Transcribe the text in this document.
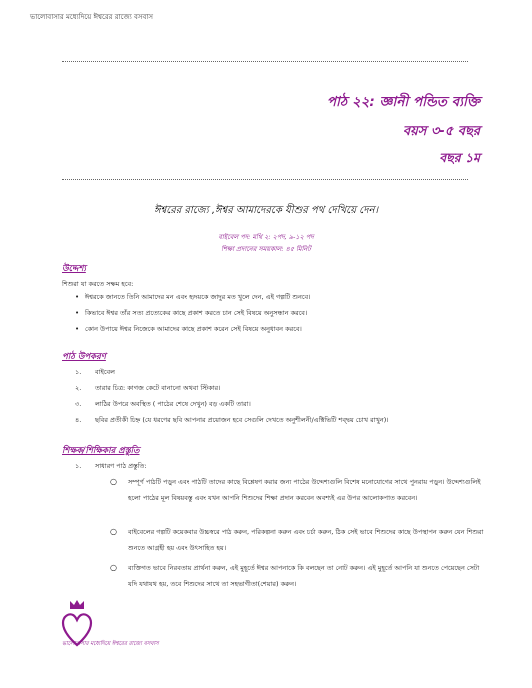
ভালোবাসার মধ্যেদিয়ে ঈশ্বরের রাজ্যে বসবাস
পাঠ ২২: জ্ঞানী পন্ডিত ব্যক্তি
বয়স ৩-৫ বছর
বছর ১ম
ঈশ্বরের রাজ্যে ,ঈশ্বর আমাদেরকে যীশুর পথ দেখিয়ে দেন।
বাইবেল পদ: মথি ২: ২পদ, ৯-১২ পদ
শিক্ষা প্রদানের সময়কাল: ৪৫ মিনিট
উদ্দেশ্য
শিশুরা যা করতে সক্ষম হবে:
• ঈশ্বরকে জানতে তিনি আমাদের মন এবং হৃদয়কে জাদুর মত খুলে দেন, এই গল্পটি শুনবে।
• কিভাবে ঈশ্বর তাঁর সত্য প্রত্যেকের কাছে প্রকাশ করতে চান সেই বিষয়ে অনুসন্ধান করবে।
• কোন উপায়ে ঈশ্বর নিজেকে আমাদের কাছে প্রকাশ করেন সেই বিষয়ে অনুধাবন করবে।
পাঠ উপকরণ
১. বাইবেল
২. তারার চিত্র: কাগজ কেটে বানানো অথবা স্টিকার।
৩. লাঠির উপরে অবস্থিত ( পাঠের শেষে দেখুন) বড় একটি তারা।
৪. ছবির প্রতীকী চিহ্ন (যে ধরণের ছবি আপনার প্রয়োজন হবে সেগুলি দেখতে অনুশীলনী/এক্টিভিটি শব্দ্বয় চোখ রাখুন)।
শিক্ষক/শিক্ষিকার প্রস্তুতি
১. সাধারণ পাঠ প্রস্তুতি:
○ সম্পূর্ণ পাঠটি পড়ুন এবং পাঠটি তাদের কাছে বিশ্লেষণ করার জন্য পাঠের উদ্দেশ্যগুলি বিশেষ মনোযোগের সাথে পুনরায় পড়ুন। উদ্দেশ্যগুলিই হলো পাঠের মূল বিষয়বস্তু এবং যখন আপনি শিশুদের শিক্ষা প্রদান করবেন অবশ্যই এর উপর আলোকপাত করবেন।
○ বাইবেলের গল্পটি কয়েকবার উচ্চস্বরে পাঠ করুন, পরিকল্পনা করুন এবং চর্চা করুন, ঠিক সেই ভাবে শিশুদের কাছে উপস্থাপন করুন যেন শিশুরা শুনতে আগ্রহী হয় এবং উৎসাহিত হয়।
○ ব্যক্তিগত ভাবে নিরবতায় প্রার্থনা করুন, এই মুহূর্তে ঈশ্বর আপনাকে কি বলছেন তা নোট করুন। এই মুহূর্তে আপনি যা শুনতে পেয়েছেন সেটা যদি যথাযথ হয়, তবে শিশুদের সাথে তা সহভাগীতা(শেয়ার) করুন।
ভালোবাসার মধ্যেদিয়ে ঈশ্বরের রাজ্যে বসবাস
